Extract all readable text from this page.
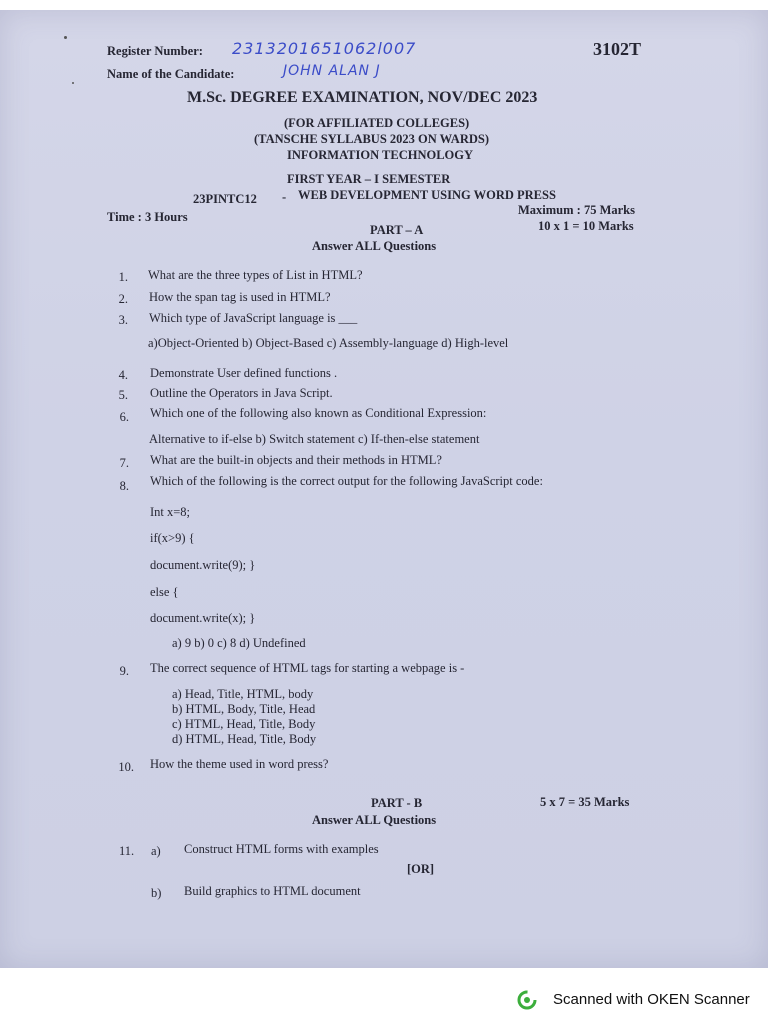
Register Number: 2313201651062l007	3102T
Name of the Candidate:	JOHN ALAN J
M.Sc. DEGREE EXAMINATION, NOV/DEC 2023
(FOR AFFILIATED COLLEGES)
(TANSCHE SYLLABUS 2023 ON WARDS)
INFORMATION TECHNOLOGY
FIRST YEAR – I SEMESTER
23PINTC12 - WEB DEVELOPMENT USING WORD PRESS
Time : 3 Hours	Maximum : 75 Marks
PART – A	10 x 1 = 10 Marks
Answer ALL Questions
1. What are the three types of List in HTML?
2. How the span tag is used in HTML?
3. Which type of JavaScript language is ___
a)Object-Oriented b) Object-Based c) Assembly-language d) High-level
4. Demonstrate User defined functions .
5. Outline the Operators in Java Script.
6. Which one of the following also known as Conditional Expression:
Alternative to if-else b) Switch statement c) If-then-else statement
7. What are the built-in objects and their methods in HTML?
8. Which of the following is the correct output for the following JavaScript code:
Int x=8;
if(x>9) {
document.write(9); }
else {
document.write(x); }
a) 9 b) 0 c) 8 d) Undefined
9. The correct sequence of HTML tags for starting a webpage is -
a) Head, Title, HTML, body
b) HTML, Body, Title, Head
c) HTML, Head, Title, Body
d) HTML, Head, Title, Body
10. How the theme used in word press?
PART - B	5 x 7 = 35 Marks
Answer ALL Questions
11. a) Construct HTML forms with examples
[OR]
b) Build graphics to HTML document
Scanned with OKEN Scanner
